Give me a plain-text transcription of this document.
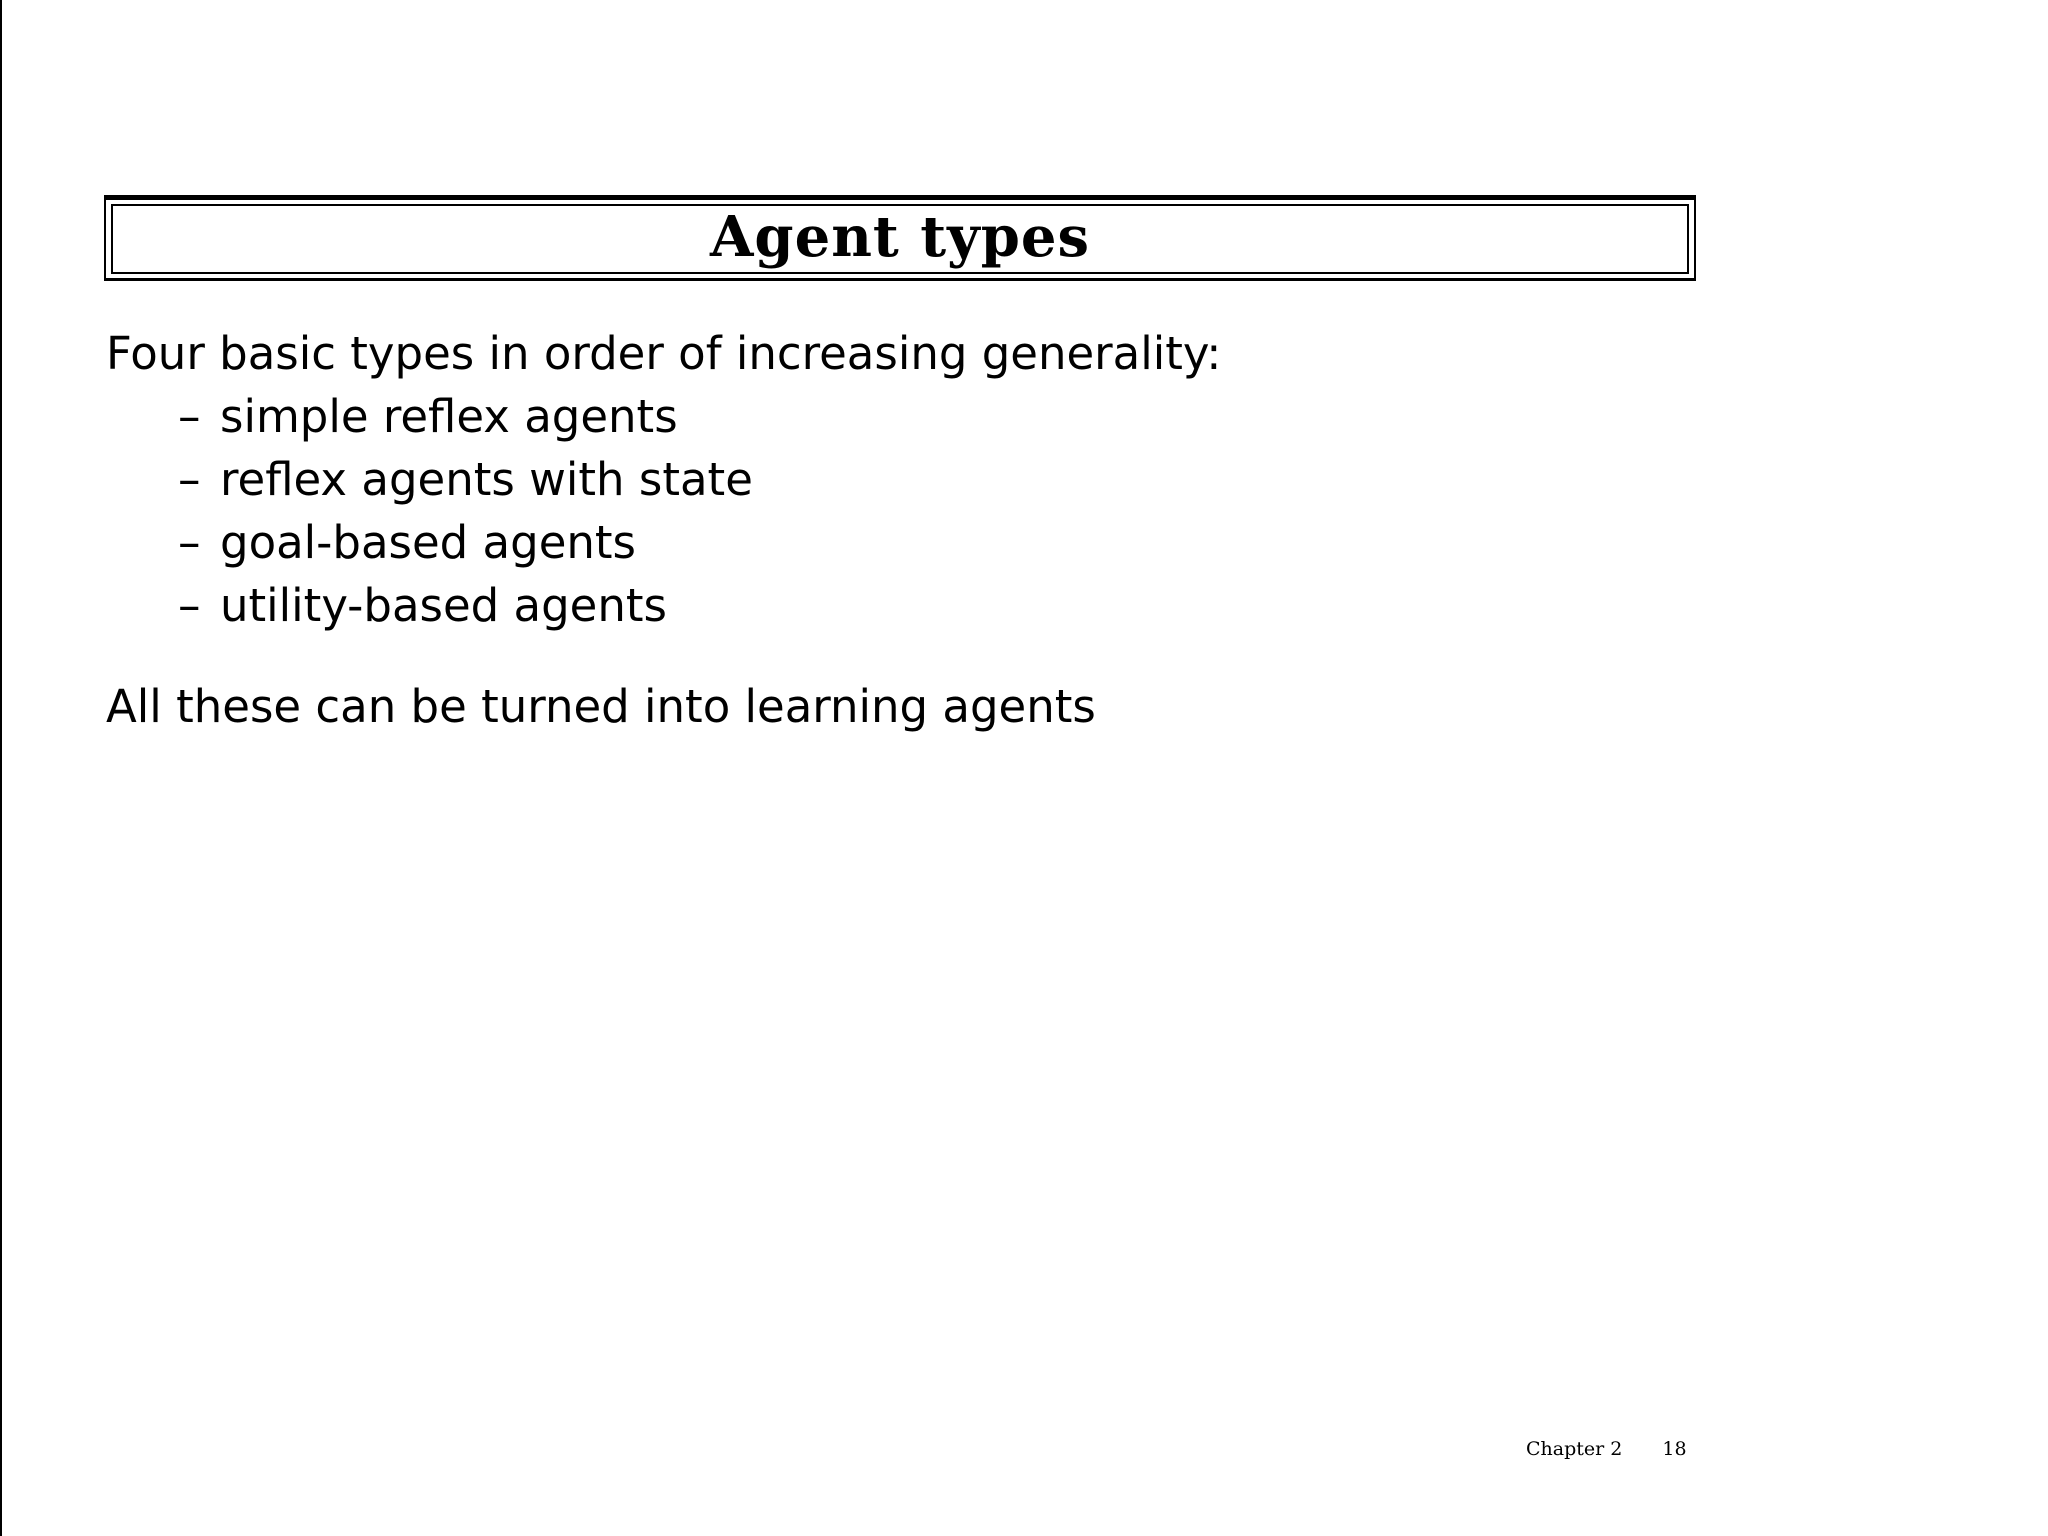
Agent types

Four basic types in order of increasing generality:

– simple reflex agents
– reflex agents with state
– goal-based agents
– utility-based agents

All these can be turned into learning agents

Chapter 2 18
